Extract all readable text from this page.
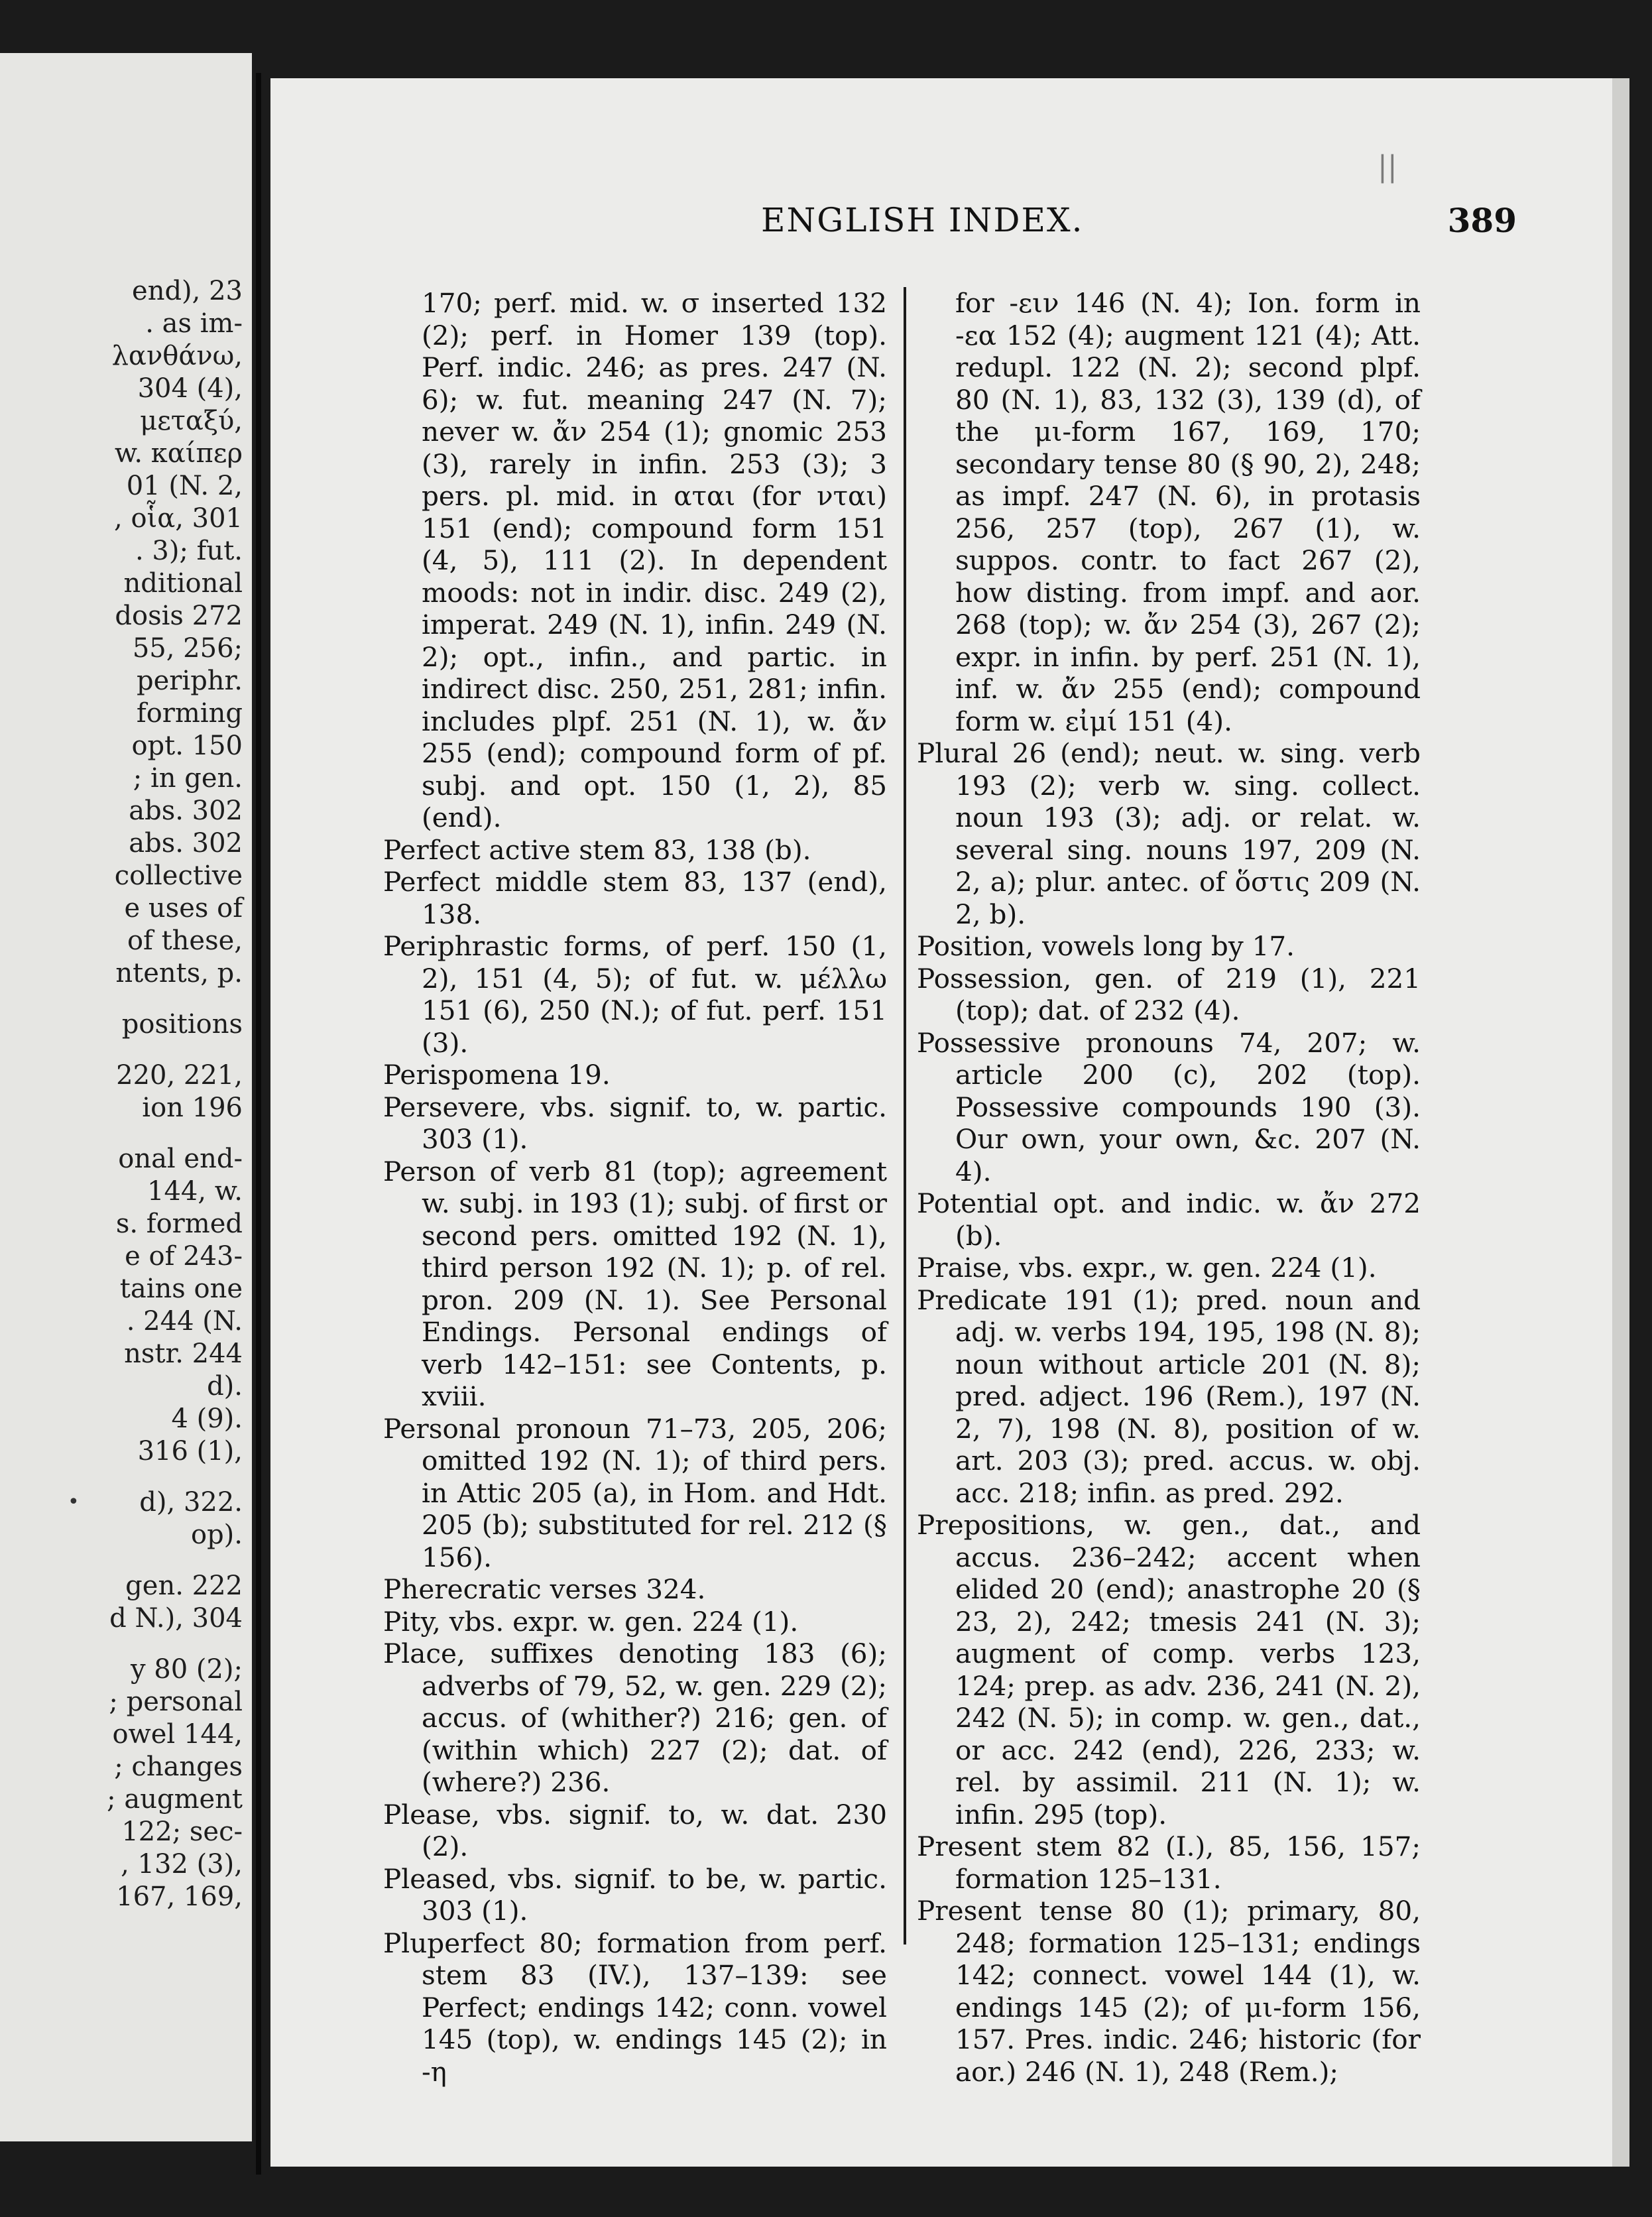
end), 23
. as im-
λανθάνω,
304 (4),
μεταξύ,
w. καίπερ
01 (N. 2,
, οἷα, 301
. 3); fut.
nditional
dosis 272
55, 256;
periphr.
forming
opt. 150
; in gen.
abs. 302
abs. 302
collective
e uses of
of these,
ntents, p.
positions
220, 221,
ion 196
onal end-
144, w.
s. formed
e of 243-
tains one
. 244 (N.
nstr. 244
d).
4 (9).
316 (1),
d), 322.
op).
gen. 222
d N.), 304
y 80 (2);
; personal
owel 144,
; changes
; augment
122; sec-
, 132 (3),
167, 169,
||
ENGLISH INDEX.	389

170; perf. mid. w. σ inserted 132 (2); perf. in Homer 139 (top). Perf. indic. 246; as pres. 247 (N. 6); w. fut. meaning 247 (N. 7); never w. ἄν 254 (1); gnomic 253 (3), rarely in infin. 253 (3); 3 pers. pl. mid. in αται (for νται) 151 (end); compound form 151 (4, 5), 111 (2). In dependent moods: not in indir. disc. 249 (2), imperat. 249 (N. 1), infin. 249 (N. 2); opt., infin., and partic. in indirect disc. 250, 251, 281; infin. includes plpf. 251 (N. 1), w. ἄν 255 (end); compound form of pf. subj. and opt. 150 (1, 2), 85 (end).

Perfect active stem 83, 138 (b).

Perfect middle stem 83, 137 (end), 138.

Periphrastic forms, of perf. 150 (1, 2), 151 (4, 5); of fut. w. μέλλω 151 (6), 250 (N.); of fut. perf. 151 (3).

Perispomena 19.

Persevere, vbs. signif. to, w. partic. 303 (1).

Person of verb 81 (top); agreement w. subj. in 193 (1); subj. of first or second pers. omitted 192 (N. 1), third person 192 (N. 1); p. of rel. pron. 209 (N. 1). See Personal Endings. Personal endings of verb 142–151: see Contents, p. xviii.

Personal pronoun 71–73, 205, 206; omitted 192 (N. 1); of third pers. in Attic 205 (a), in Hom. and Hdt. 205 (b); substituted for rel. 212 (§ 156).

Pherecratic verses 324.

Pity, vbs. expr. w. gen. 224 (1).

Place, suffixes denoting 183 (6); adverbs of 79, 52, w. gen. 229 (2); accus. of (whither?) 216; gen. of (within which) 227 (2); dat. of (where?) 236.

Please, vbs. signif. to, w. dat. 230 (2).

Pleased, vbs. signif. to be, w. partic. 303 (1).

Pluperfect 80; formation from perf. stem 83 (IV.), 137–139: see Perfect; endings 142; conn. vowel 145 (top), w. endings 145 (2); in -η

for -ειν 146 (N. 4); Ion. form in -εα 152 (4); augment 121 (4); Att. redupl. 122 (N. 2); second plpf. 80 (N. 1), 83, 132 (3), 139 (d), of the μι-form 167, 169, 170; secondary tense 80 (§ 90, 2), 248; as impf. 247 (N. 6), in protasis 256, 257 (top), 267 (1), w. suppos. contr. to fact 267 (2), how disting. from impf. and aor. 268 (top); w. ἄν 254 (3), 267 (2); expr. in infin. by perf. 251 (N. 1), inf. w. ἄν 255 (end); compound form w. εἰμί 151 (4).

Plural 26 (end); neut. w. sing. verb 193 (2); verb w. sing. collect. noun 193 (3); adj. or relat. w. several sing. nouns 197, 209 (N. 2, a); plur. antec. of ὅστις 209 (N. 2, b).

Position, vowels long by 17.

Possession, gen. of 219 (1), 221 (top); dat. of 232 (4).

Possessive pronouns 74, 207; w. article 200 (c), 202 (top). Possessive compounds 190 (3). Our own, your own, &c. 207 (N. 4).

Potential opt. and indic. w. ἄν 272 (b).

Praise, vbs. expr., w. gen. 224 (1).

Predicate 191 (1); pred. noun and adj. w. verbs 194, 195, 198 (N. 8); noun without article 201 (N. 8); pred. adject. 196 (Rem.), 197 (N. 2, 7), 198 (N. 8), position of w. art. 203 (3); pred. accus. w. obj. acc. 218; infin. as pred. 292.

Prepositions, w. gen., dat., and accus. 236–242; accent when elided 20 (end); anastrophe 20 (§ 23, 2), 242; tmesis 241 (N. 3); augment of comp. verbs 123, 124; prep. as adv. 236, 241 (N. 2), 242 (N. 5); in comp. w. gen., dat., or acc. 242 (end), 226, 233; w. rel. by assimil. 211 (N. 1); w. infin. 295 (top).

Present stem 82 (I.), 85, 156, 157; formation 125–131.

Present tense 80 (1); primary, 80, 248; formation 125–131; endings 142; connect. vowel 144 (1), w. endings 145 (2); of μι-form 156, 157. Pres. indic. 246; historic (for aor.) 246 (N. 1), 248 (Rem.);

•
